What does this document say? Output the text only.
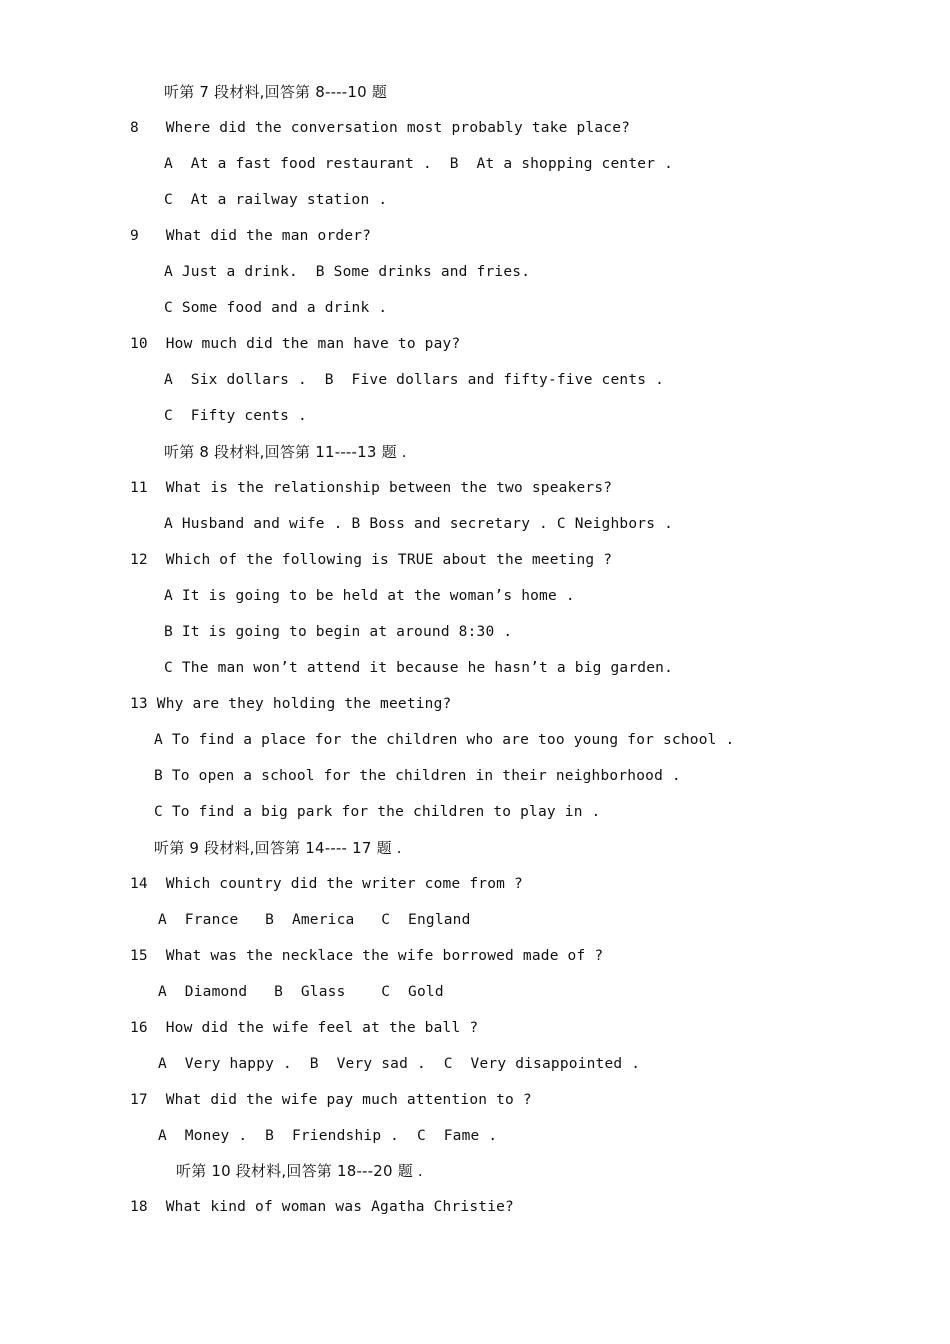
听第 7 段材料,回答第 8----10 题
8   Where did the conversation most probably take place?
A  At a fast food restaurant .  B  At a shopping center .
C  At a railway station .
9   What did the man order?
A Just a drink.  B Some drinks and fries.
C Some food and a drink .
10  How much did the man have to pay?
A  Six dollars .  B  Five dollars and fifty-five cents .
C  Fifty cents .
听第 8 段材料,回答第 11----13 题 .
11  What is the relationship between the two speakers?
A Husband and wife . B Boss and secretary . C Neighbors .
12  Which of the following is TRUE about the meeting ?
A It is going to be held at the woman’s home .
B It is going to begin at around 8:30 .
C The man won’t attend it because he hasn’t a big garden.
13 Why are they holding the meeting?
A To find a place for the children who are too young for school .
B To open a school for the children in their neighborhood .
C To find a big park for the children to play in .
听第 9 段材料,回答第 14---- 17 题 .
14  Which country did the writer come from ?
A  France   B  America   C  England
15  What was the necklace the wife borrowed made of ?
A  Diamond   B  Glass    C  Gold
16  How did the wife feel at the ball ?
A  Very happy .  B  Very sad .  C  Very disappointed .
17  What did the wife pay much attention to ?
A  Money .  B  Friendship .  C  Fame .
听第 10 段材料,回答第 18---20 题 .
18  What kind of woman was Agatha Christie?
